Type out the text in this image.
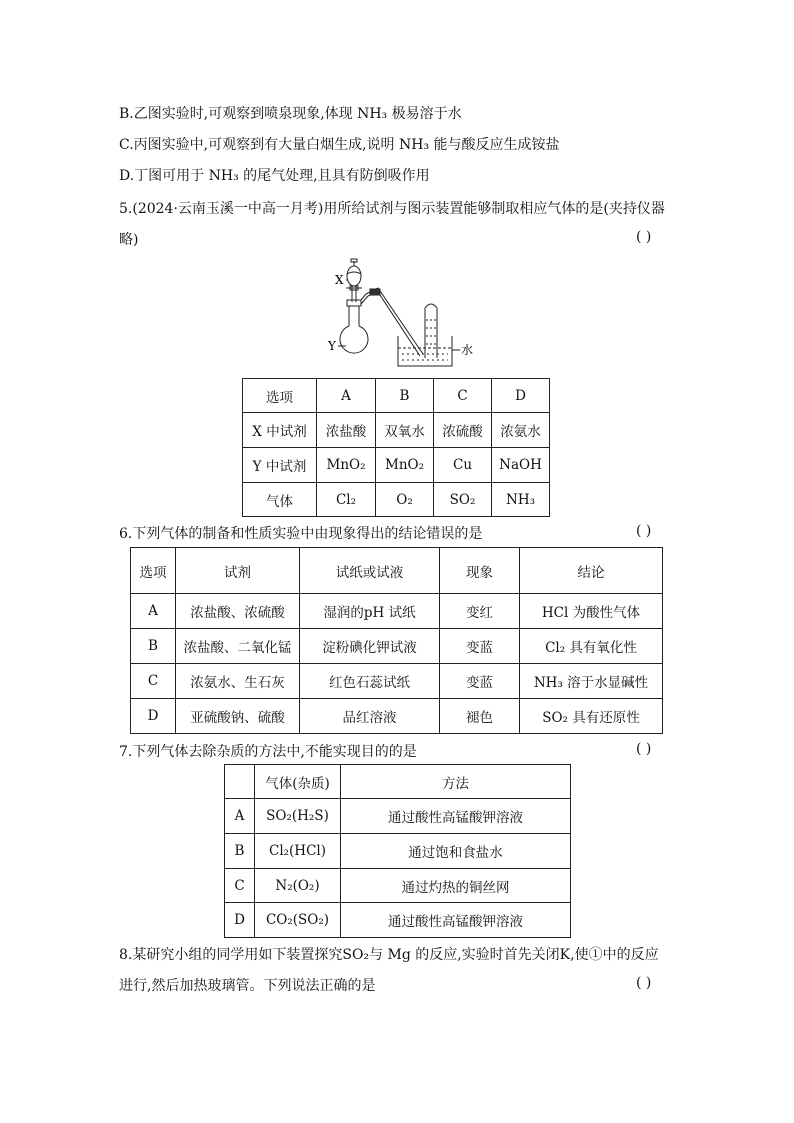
B.乙图实验时,可观察到喷泉现象,体现 NH₃ 极易溶于水
C.丙图实验中,可观察到有大量白烟生成,说明 NH₃ 能与酸反应生成铵盐
D.丁图可用于 NH₃ 的尾气处理,且具有防倒吸作用
5.(2024·云南玉溪一中高一月考)用所给试剂与图示装置能够制取相应气体的是(夹持仪器
略)	( )
X
Y	水
选项	A	B	C	D
X 中试剂	浓盐酸	双氧水	浓硫酸	浓氨水
Y 中试剂	MnO₂	MnO₂	Cu	NaOH
气体	Cl₂	O₂	SO₂	NH₃
6.下列气体的制备和性质实验中由现象得出的结论错误的是	( )
选项	试剂	试纸或试液	现象	结论
A	浓盐酸、浓硫酸	湿润的pH 试纸	变红	HCl 为酸性气体
B	浓盐酸、二氧化锰	淀粉碘化钾试液	变蓝	Cl₂ 具有氧化性
C	浓氨水、生石灰	红色石蕊试纸	变蓝	NH₃ 溶于水显碱性
D	亚硫酸钠、硫酸	品红溶液	褪色	SO₂ 具有还原性
7.下列气体去除杂质的方法中,不能实现目的的是	( )
	气体(杂质)	方法
A	SO₂(H₂S)	通过酸性高锰酸钾溶液
B	Cl₂(HCl)	通过饱和食盐水
C	N₂(O₂)	通过灼热的铜丝网
D	CO₂(SO₂)	通过酸性高锰酸钾溶液
8.某研究小组的同学用如下装置探究SO₂与 Mg 的反应,实验时首先关闭K,使①中的反应
进行,然后加热玻璃管。下列说法正确的是	( )
